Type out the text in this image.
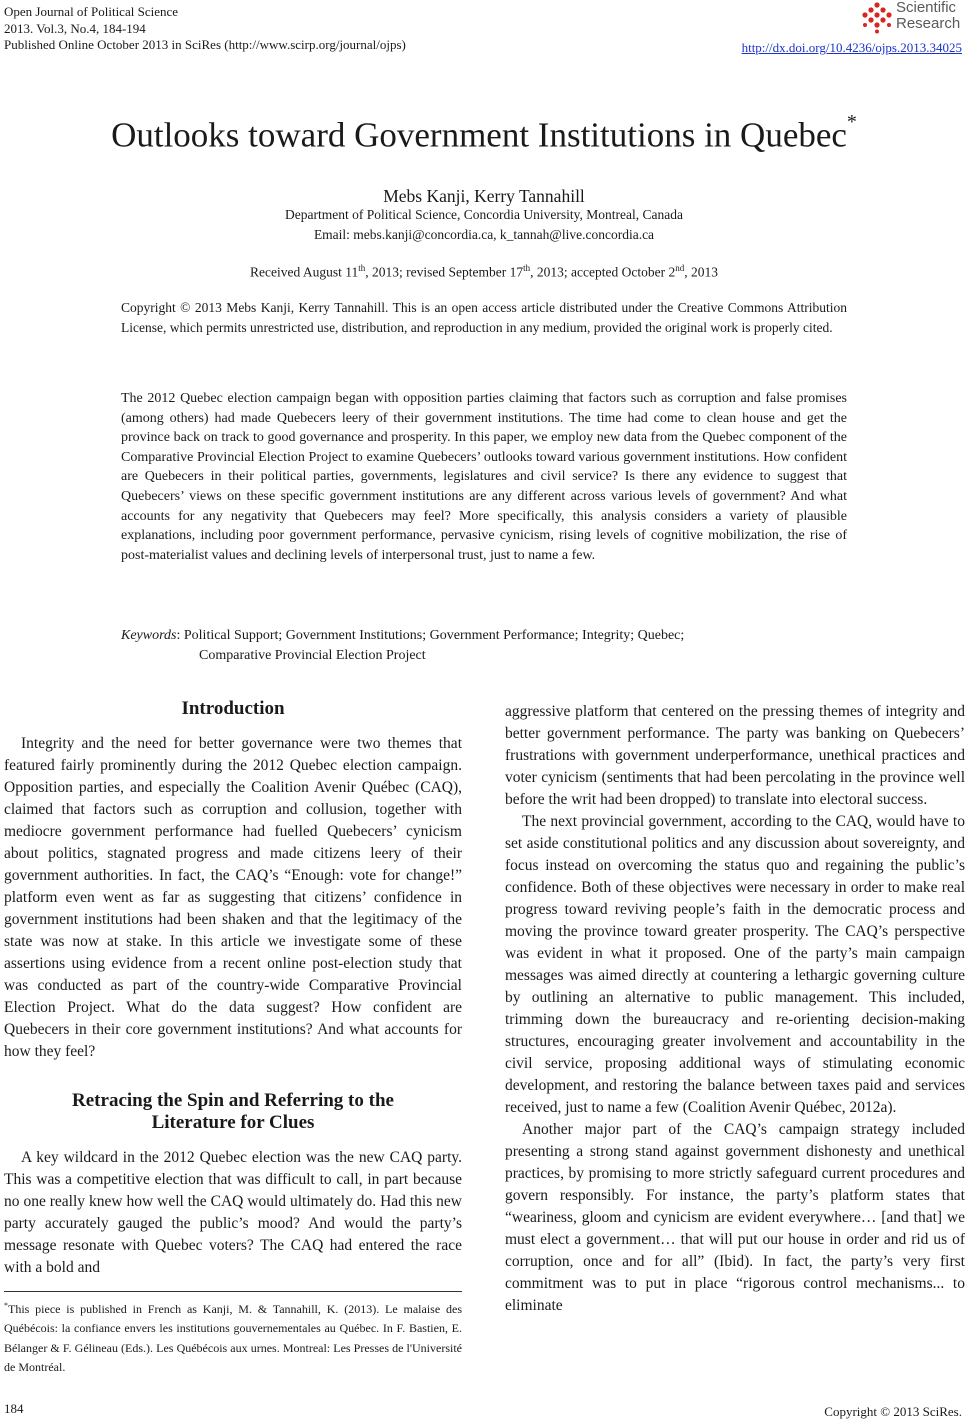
Open Journal of Political Science
2013. Vol.3, No.4, 184-194
Published Online October 2013 in SciRes (http://www.scirp.org/journal/ojps)
Scientific
Research
http://dx.doi.org/10.4236/ojps.2013.34025
Outlooks toward Government Institutions in Quebec*
Mebs Kanji, Kerry Tannahill
Department of Political Science, Concordia University, Montreal, Canada
Email: mebs.kanji@concordia.ca, k_tannah@live.concordia.ca
Received August 11th, 2013; revised September 17th, 2013; accepted October 2nd, 2013
Copyright © 2013 Mebs Kanji, Kerry Tannahill. This is an open access article distributed under the Creative Commons Attribution License, which permits unrestricted use, distribution, and reproduction in any medium, provided the original work is properly cited.
The 2012 Quebec election campaign began with opposition parties claiming that factors such as corruption and false promises (among others) had made Quebecers leery of their government institutions. The time had come to clean house and get the province back on track to good governance and prosperity. In this paper, we employ new data from the Quebec component of the Comparative Provincial Election Project to examine Quebecers’ outlooks toward various government institutions. How confident are Quebecers in their political parties, governments, legislatures and civil service? Is there any evidence to suggest that Quebecers’ views on these specific government institutions are any different across various levels of government? And what accounts for any negativity that Quebecers may feel? More specifically, this analysis considers a variety of plausible explanations, including poor government performance, pervasive cynicism, rising levels of cognitive mobilization, the rise of post-materialist values and declining levels of interpersonal trust, just to name a few.
Keywords : Political Support; Government Institutions; Government Performance; Integrity; Quebec;
Comparative Provincial Election Project
Introduction

Integrity and the need for better governance were two themes that featured fairly prominently during the 2012 Quebec election campaign. Opposition parties, and especially the Coalition Avenir Québec (CAQ), claimed that factors such as corruption and collusion, together with mediocre government performance had fuelled Quebecers’ cynicism about politics, stagnated progress and made citizens leery of their government authorities. In fact, the CAQ’s “Enough: vote for change!” platform even went as far as suggesting that citizens’ confidence in government institutions had been shaken and that the legitimacy of the state was now at stake. In this article we investigate some of these assertions using evidence from a recent online post-election study that was conducted as part of the country-wide Comparative Provincial Election Project. What do the data suggest? How confident are Quebecers in their core government institutions? And what accounts for how they feel?

Retracing the Spin and Referring to the
Literature for Clues

A key wildcard in the 2012 Quebec election was the new CAQ party. This was a competitive election that was difficult to call, in part because no one really knew how well the CAQ would ultimately do. Had this new party accurately gauged the public’s mood? And would the party’s message resonate with Quebec voters? The CAQ had entered the race with a bold and

*This piece is published in French as Kanji, M. & Tannahill, K. (2013). Le malaise des Québécois: la confiance envers les institutions gouvernementales au Québec. In F. Bastien, E. Bélanger & F. Gélineau (Eds.). Les Québécois aux urnes. Montreal: Les Presses de l'Université de Montréal.

aggressive platform that centered on the pressing themes of integrity and better government performance. The party was banking on Quebecers’ frustrations with government underperformance, unethical practices and voter cynicism (sentiments that had been percolating in the province well before the writ had been dropped) to translate into electoral success.

The next provincial government, according to the CAQ, would have to set aside constitutional politics and any discussion about sovereignty, and focus instead on overcoming the status quo and regaining the public’s confidence. Both of these objectives were necessary in order to make real progress toward reviving people’s faith in the democratic process and moving the province toward greater prosperity. The CAQ’s perspective was evident in what it proposed. One of the party’s main campaign messages was aimed directly at countering a lethargic governing culture by outlining an alternative to public management. This included, trimming down the bureaucracy and re-orienting decision-making structures, encouraging greater involvement and accountability in the civil service, proposing additional ways of stimulating economic development, and restoring the balance between taxes paid and services received, just to name a few (Coalition Avenir Québec, 2012a).

Another major part of the CAQ’s campaign strategy included presenting a strong stand against government dishonesty and unethical practices, by promising to more strictly safeguard current procedures and govern responsibly. For instance, the party’s platform states that “weariness, gloom and cynicism are evident everywhere… [and that] we must elect a government… that will put our house in order and rid us of corruption, once and for all” (Ibid). In fact, the party’s very first commitment was to put in place “rigorous control mechanisms... to eliminate

184	Copyright © 2013 SciRes.
